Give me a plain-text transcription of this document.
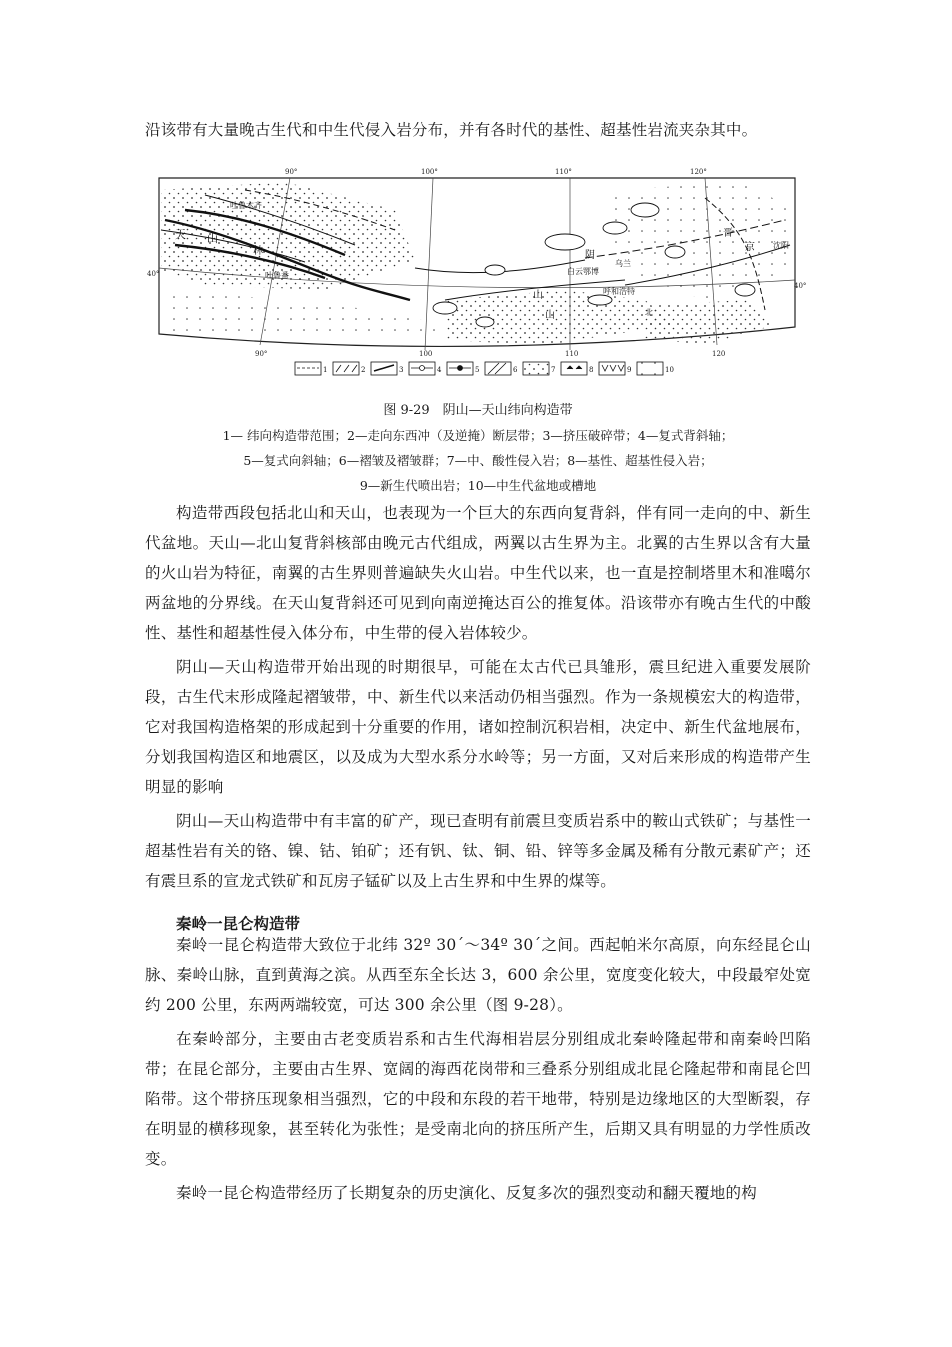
沿该带有大量晚古生代和中生代侵入岩分布，并有各时代的基性、超基性岩流夹杂其中。

90°	100°	110°	120°
90°	100	110	120
40°
40°
吐鲁木齐
天 山
林
吐鲁番	白云鄂博
乌兰
山	呼和浩特
北
山
晋
京 沈阳
阴
1	2	3	4	5	6	7	8	9	10
图 9-29　阴山—天山纬向构造带
1— 纬向构造带范围；2—走向东西冲（及逆掩）断层带；3—挤压破碎带；4—复式背斜轴；
5—复式向斜轴；6—褶皱及褶皱群；7—中、酸性侵入岩；8—基性、超基性侵入岩；
9—新生代喷出岩；10—中生代盆地或槽地

构造带西段包括北山和天山，也表现为一个巨大的东西向复背斜，伴有同一走向的中、新生代盆地。天山—北山复背斜核部由晚元古代组成，两翼以古生界为主。北翼的古生界以含有大量的火山岩为特征，南翼的古生界则普遍缺失火山岩。中生代以来，也一直是控制塔里木和准噶尔两盆地的分界线。在天山复背斜还可见到向南逆掩达百公的推复体。沿该带亦有晚古生代的中酸性、基性和超基性侵入体分布，中生带的侵入岩体较少。

阴山—天山构造带开始出现的时期很早，可能在太古代已具雏形，震旦纪进入重要发展阶段，古生代末形成隆起褶皱带，中、新生代以来活动仍相当强烈。作为一条规模宏大的构造带，它对我国构造格架的形成起到十分重要的作用，诸如控制沉积岩相，决定中、新生代盆地展布，分划我国构造区和地震区，以及成为大型水系分水岭等；另一方面，又对后来形成的构造带产生明显的影响

阴山—天山构造带中有丰富的矿产，现已查明有前震旦变质岩系中的鞍山式铁矿；与基性一超基性岩有关的铬、镍、钴、铂矿；还有钒、钛、铜、铅、锌等多金属及稀有分散元素矿产；还有震旦系的宣龙式铁矿和瓦房子锰矿以及上古生界和中生界的煤等。

秦岭一昆仑构造带

秦岭一昆仑构造带大致位于北纬 32º 30´～34º 30´之间。西起帕米尔高原，向东经昆仑山脉、秦岭山脉，直到黄海之滨。从西至东全长达 3，600 余公里，宽度变化较大，中段最窄处宽约 200 公里，东两两端较宽，可达 300 余公里（图 9-28）。

在秦岭部分，主要由古老变质岩系和古生代海相岩层分别组成北秦岭隆起带和南秦岭凹陷带；在昆仑部分，主要由古生界、宽阔的海西花岗带和三叠系分别组成北昆仑隆起带和南昆仑凹陷带。这个带挤压现象相当强烈，它的中段和东段的若干地带，特别是边缘地区的大型断裂，存在明显的横移现象，甚至转化为张性；是受南北向的挤压所产生，后期又具有明显的力学性质改变。

秦岭一昆仑构造带经历了长期复杂的历史演化、反复多次的强烈变动和翻天覆地的构
